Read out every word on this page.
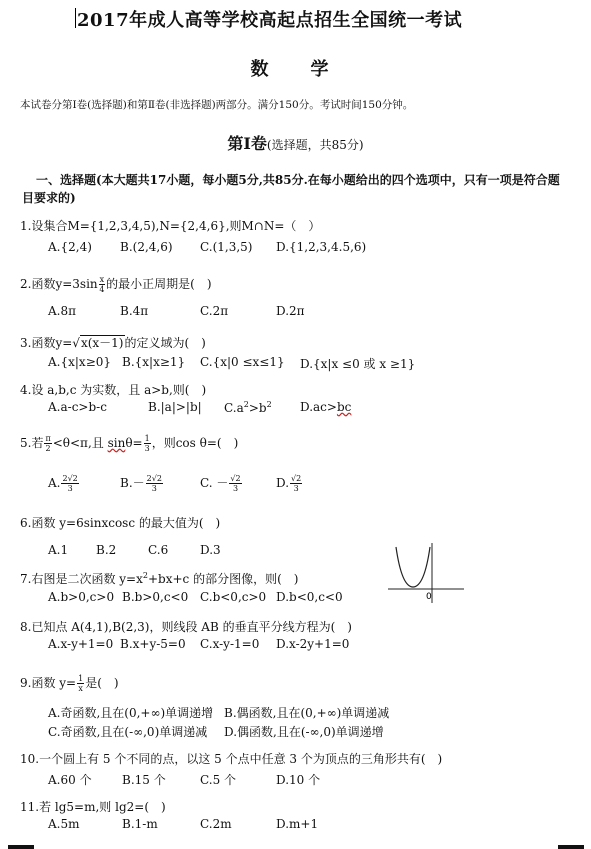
2017年成人高等学校高起点招生全国统一考试
数　学
本试卷分第Ⅰ卷(选择题)和第Ⅱ卷(非选择题)两部分。满分150分。考试时间150分钟。
第Ⅰ卷(选择题，共85分)
一、选择题(本大题共17小题，每小题5分,共85分.在每小题给出的四个选项中，只有一项是符合题目要求的)
1.设集合M={1,2,3,4,5),N={2,4,6},则M∩N=（　）
A.{2,4) B.(2,4,6) C.(1,3,5) D.{1,2,3,4.5,6)
2.函数$y=3\sin \frac{x}{4}$ 的最小正周期是(　)
A.8π	B.4π	C.2π	D.2π
3.函数y=√x(x－1)的定义域为(　)
A.{x|x≥0} B.{x|x≥1} C.{x|0 ≤x≤1} D.{x|x ≤0 或 x ≥1}
4.设 a,b,c 为实数，且 a>b,则(　)
A.a-c>b-c	B.|a|>|b| $C.a^2>b^2$ D.ac>bc
5.若 $\frac{\pi}{2} <\theta<\pi$,且 $\sin\theta= \frac{1}{3}$ ，则cos θ=(　)
A. $\frac{2√2}{3}$	$B.- \frac{2√2}{3}$	C. － $\frac{√2}{3}$	D. $\frac{√2}{3}$
6.函数 y=6sinxcosc 的最大值为(　)
A.1 B.2	C.6	D.3
7.右图是二次函数 $y=x^2+bx+c$ 的部分图像，则(　)
A.b>0,c>0 B.b>0,c<0 C.b<0,c>0 D.b<0,c<0	0
8.已知点 A(4,1),B(2,3)，则线段 AB 的垂直平分线方程为(　)
A.x-y+1=0 B.x+y-5=0 C.x-y-1=0 D.x-2y+1=0
9.函数 $y= \frac{1}{x}$ 是(　)
A.奇函数,且在(0,+∞)单调递增 B.偶函数,且在(0,+∞)单调递减
C.奇函数,且在(-∞,0)单调递减 D.偶函数,且在(-∞,0)单调递增
10.一个圆上有 5 个不同的点，以这 5 个点中任意 3 个为顶点的三角形共有(　)
A.60 个	B.15 个	C.5 个	D.10 个
11.若 lg5=m,则 lg2=(　)
A.5m	B.1-m	C.2m	D.m+1
